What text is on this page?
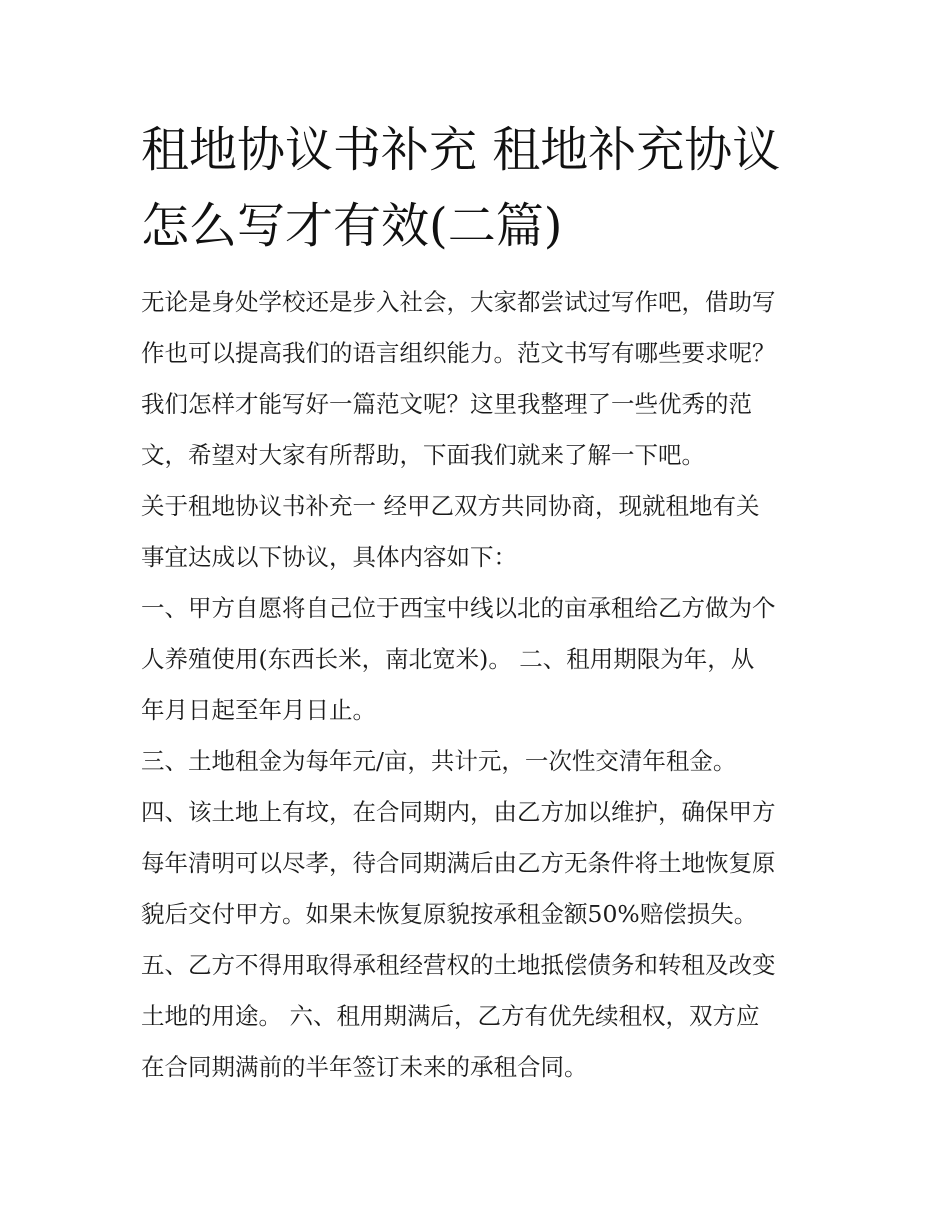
租地协议书补充 租地补充协议
怎么写才有效(二篇)

无论是身处学校还是步入社会，大家都尝试过写作吧，借助写
作也可以提高我们的语言组织能力。范文书写有哪些要求呢？
我们怎样才能写好一篇范文呢？这里我整理了一些优秀的范
文，希望对大家有所帮助，下面我们就来了解一下吧。

关于租地协议书补充一 经甲乙双方共同协商，现就租地有关
事宜达成以下协议，具体内容如下：

一、甲方自愿将自己位于西宝中线以北的亩承租给乙方做为个
人养殖使用(东西长米，南北宽米)。 二、租用期限为年，从
年月日起至年月日止。

三、土地租金为每年元/亩，共计元，一次性交清年租金。

四、该土地上有坟，在合同期内，由乙方加以维护，确保甲方
每年清明可以尽孝，待合同期满后由乙方无条件将土地恢复原
貌后交付甲方。如果未恢复原貌按承租金额50%赔偿损失。

五、乙方不得用取得承租经营权的土地抵偿债务和转租及改变
土地的用途。 六、租用期满后，乙方有优先续租权，双方应
在合同期满前的半年签订未来的承租合同。
